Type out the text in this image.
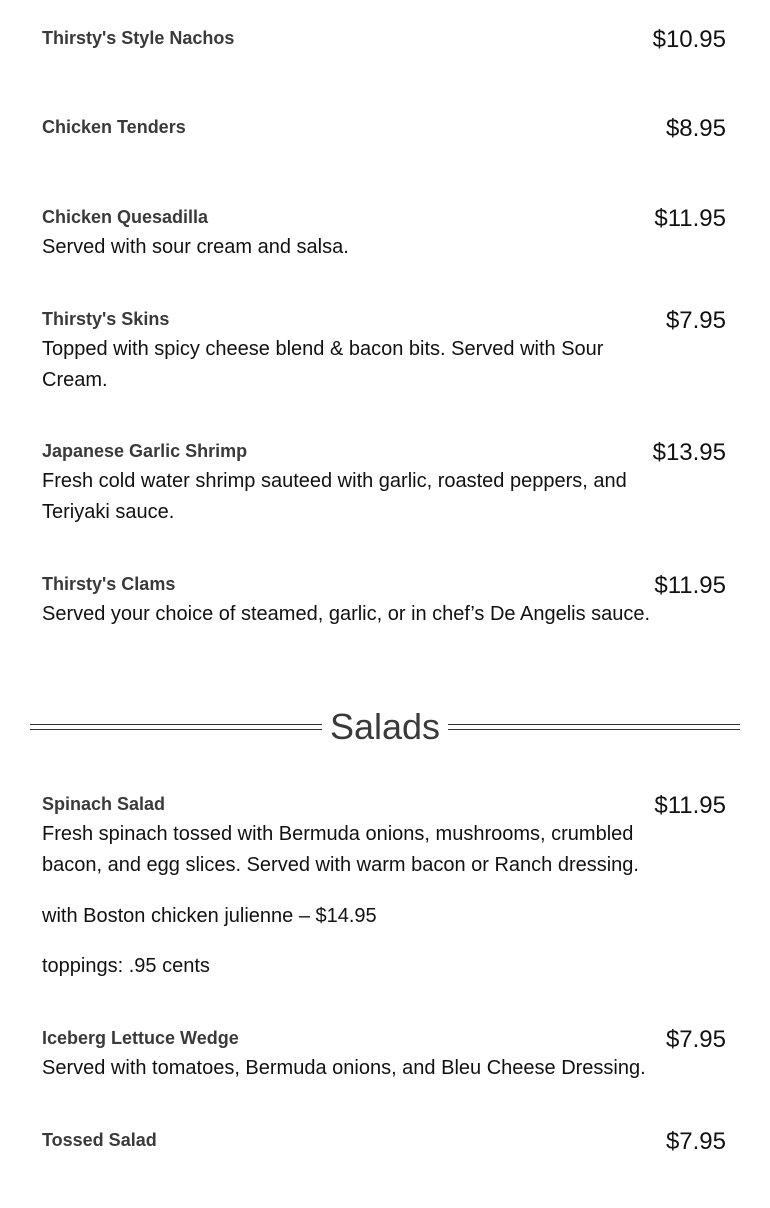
Thirsty's Style Nachos	$10.95
Chicken Tenders	$8.95
Chicken Quesadilla	$11.95
Served with sour cream and salsa.
Thirsty's Skins	$7.95
Topped with spicy cheese blend & bacon bits. Served with Sour Cream.
Japanese Garlic Shrimp	$13.95
Fresh cold water shrimp sauteed with garlic, roasted peppers, and Teriyaki sauce.
Thirsty's Clams	$11.95
Served your choice of steamed, garlic, or in chef’s De Angelis sauce.
Salads
Spinach Salad	$11.95
Fresh spinach tossed with Bermuda onions, mushrooms, crumbled bacon, and egg slices. Served with warm bacon or Ranch dressing.
with Boston chicken julienne – $14.95
toppings: .95 cents
Iceberg Lettuce Wedge	$7.95
Served with tomatoes, Bermuda onions, and Bleu Cheese Dressing.
Tossed Salad	$7.95
